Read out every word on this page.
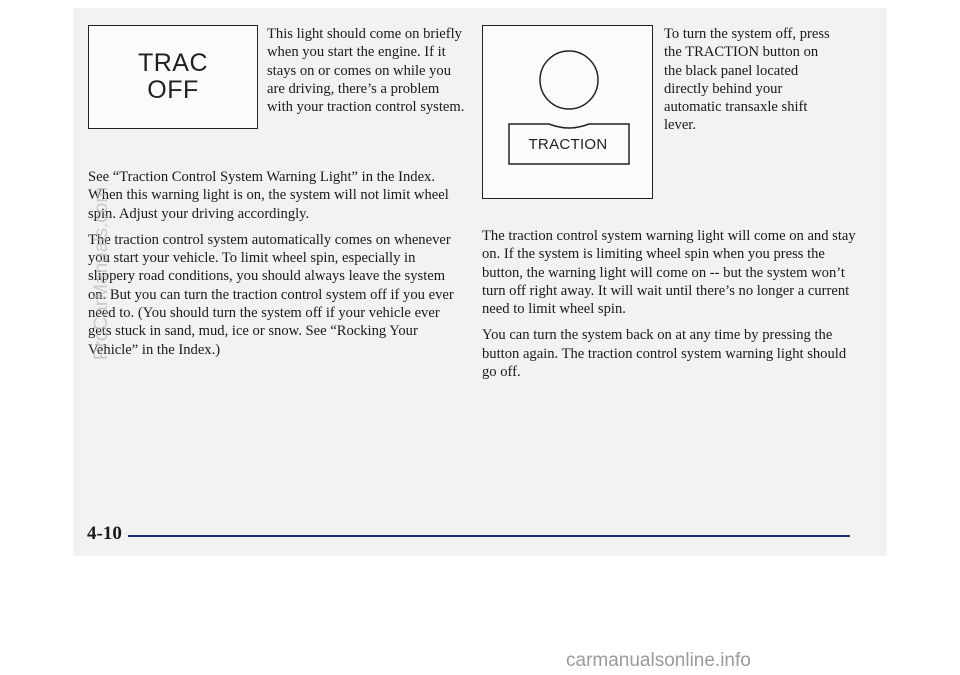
TRAC
OFF

This light should come on briefly when you start the engine. If it stays on or comes on while you are driving, there’s a problem with your traction control system.

See “Traction Control System Warning Light” in the Index. When this warning light is on, the system will not limit wheel spin. Adjust your driving accordingly.

The traction control system automatically comes on whenever you start your vehicle. To limit wheel spin, especially in slippery road conditions, you should always leave the system on. But you can turn the traction control system off if you ever need to. (You should turn the system off if your vehicle ever gets stuck in sand, mud, ice or snow. See “Rocking Your Vehicle” in the Index.)

TRACTION

To turn the system off, press the TRACTION button on the black panel located directly behind your automatic transaxle shift lever.

The traction control system warning light will come on and stay on. If the system is limiting wheel spin when you press the button, the warning light will come on -- but the system won’t turn off right away. It will wait until there’s no longer a current need to limit wheel spin.

You can turn the system back on at any time by pressing the button again. The traction control system warning light should go off.

4-10
ProCarManuals.com
carmanualsonline.info
